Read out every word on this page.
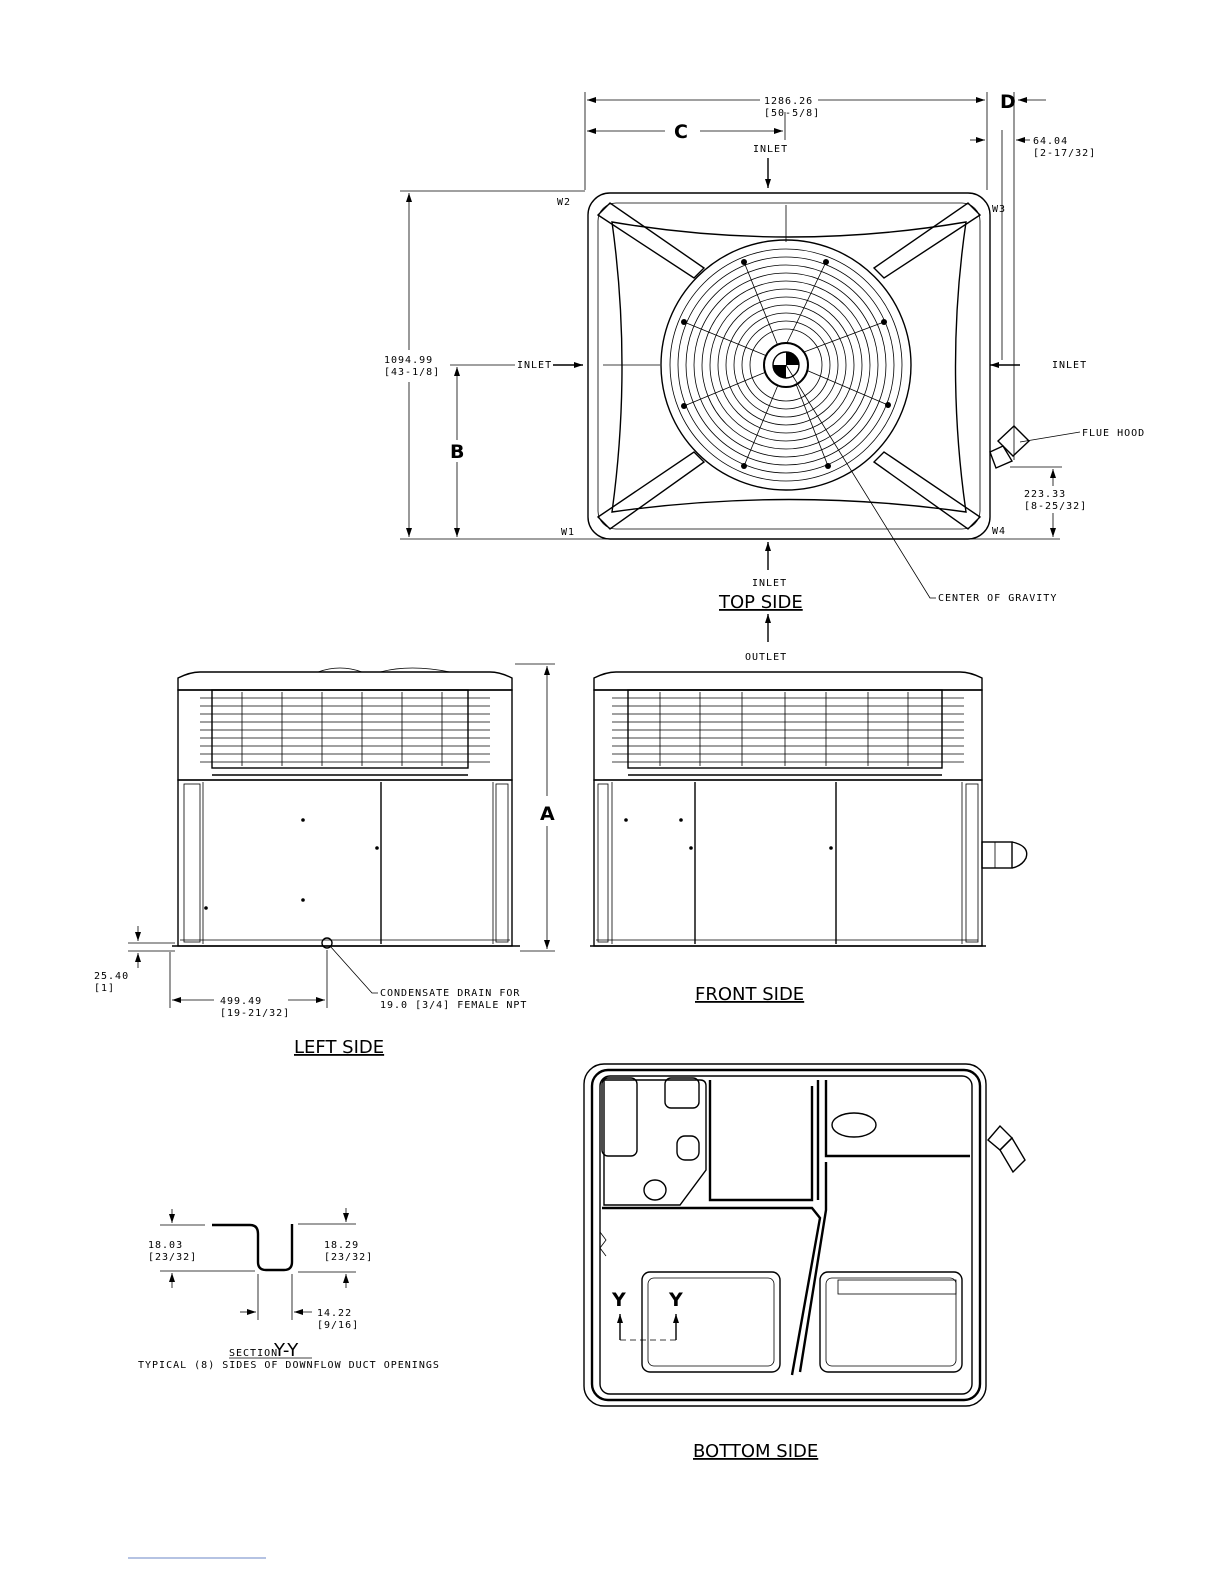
W2
W3
W1	W4
1286.26
[50-5/8]
C
D
64.04
[2-17/32]
1094.99
[43-1/8]
B
223.33
[8-25/32]
INLET
INLET	INLET
INLET
FLUE HOOD
CENTER OF GRAVITY
TOP SIDE
OUTLET
A
25.40
[1]
499.49
[19-21/32]
CONDENSATE DRAIN FOR
19.0 [3/4] FEMALE NPT
LEFT SIDE
FRONT SIDE
18.03
[23/32]
18.29
[23/32]
14.22
[9/16]
SECTION
Y-Y
TYPICAL (8) SIDES OF DOWNFLOW DUCT OPENINGS
Y Y
BOTTOM SIDE
